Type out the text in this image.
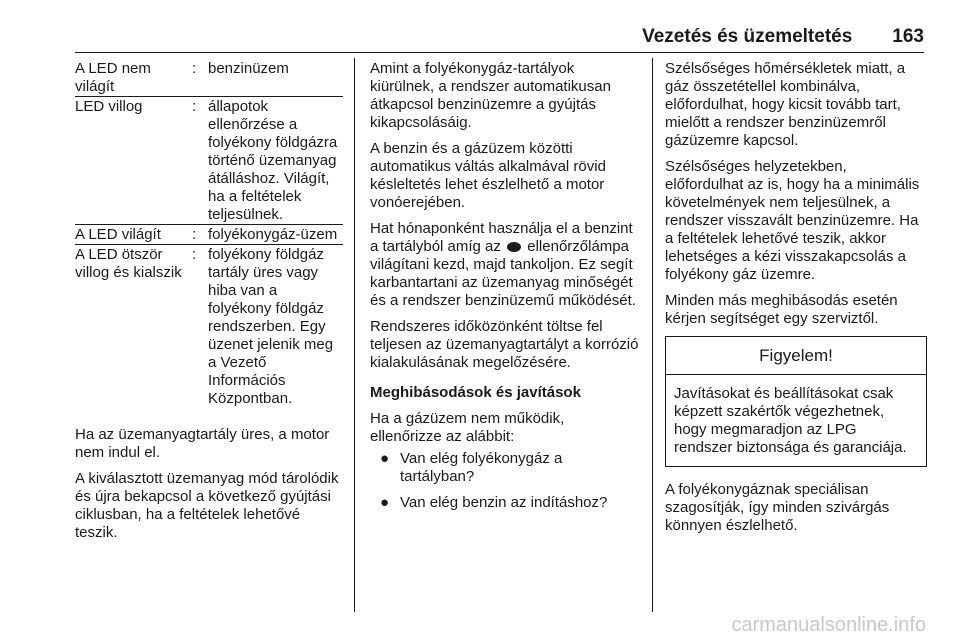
Vezetés és üzemeltetés 163
A LED nem világít	:	benzinüzem
LED villog	:	állapotok ellenőrzése a folyékony földgázra történő üzemanyag átálláshoz. Világít, ha a feltételek teljesülnek.
A LED világít	:	folyékonygáz-üzem
A LED ötször villog és kialszik	:	folyékony földgáz tartály üres vagy hiba van a folyékony földgáz rendszerben. Egy üzenet jelenik meg a Vezető Információs Központban.

Ha az üzemanyagtartály üres, a motor nem indul el.

A kiválasztott üzemanyag mód tárolódik és újra bekapcsol a következő gyújtási ciklusban, ha a feltételek lehetővé teszik.

Amint a folyékonygáz-tartályok kiürülnek, a rendszer automatikusan átkapcsol benzinüzemre a gyújtás kikapcsolásáig.

A benzin és a gázüzem közötti automatikus váltás alkalmával rövid késleltetés lehet észlelhető a motor vonóerejében.

Hat hónaponként használja el a benzint a tartályból amíg az ellenőrzőlámpa világítani kezd, majd tankoljon. Ez segít karbantartani az üzemanyag minőségét és a rendszer benzinüzemű működését.

Rendszeres időközönként töltse fel teljesen az üzemanyagtartályt a korrózió kialakulásának megelőzésére.

Meghibásodások és javítások

Ha a gázüzem nem működik, ellenőrizze az alábbit:

● Van elég folyékonygáz a tartályban?
● Van elég benzin az indításhoz?

Szélsőséges hőmérsékletek miatt, a gáz összetétellel kombinálva, előfordulhat, hogy kicsit tovább tart, mielőtt a rendszer benzinüzemről gázüzemre kapcsol.

Szélsőséges helyzetekben, előfordulhat az is, hogy ha a minimális követelmények nem teljesülnek, a rendszer visszavált benzinüzemre. Ha a feltételek lehetővé teszik, akkor lehetséges a kézi visszakapcsolás a folyékony gáz üzemre.

Minden más meghibásodás esetén kérjen segítséget egy szerviztől.

Figyelem!
Javításokat és beállításokat csak képzett szakértők végezhetnek, hogy megmaradjon az LPG rendszer biztonsága és garanciája.

A folyékonygáznak speciálisan szagosítják, így minden szivárgás könnyen észlelhető.

carmanualsonline.info
